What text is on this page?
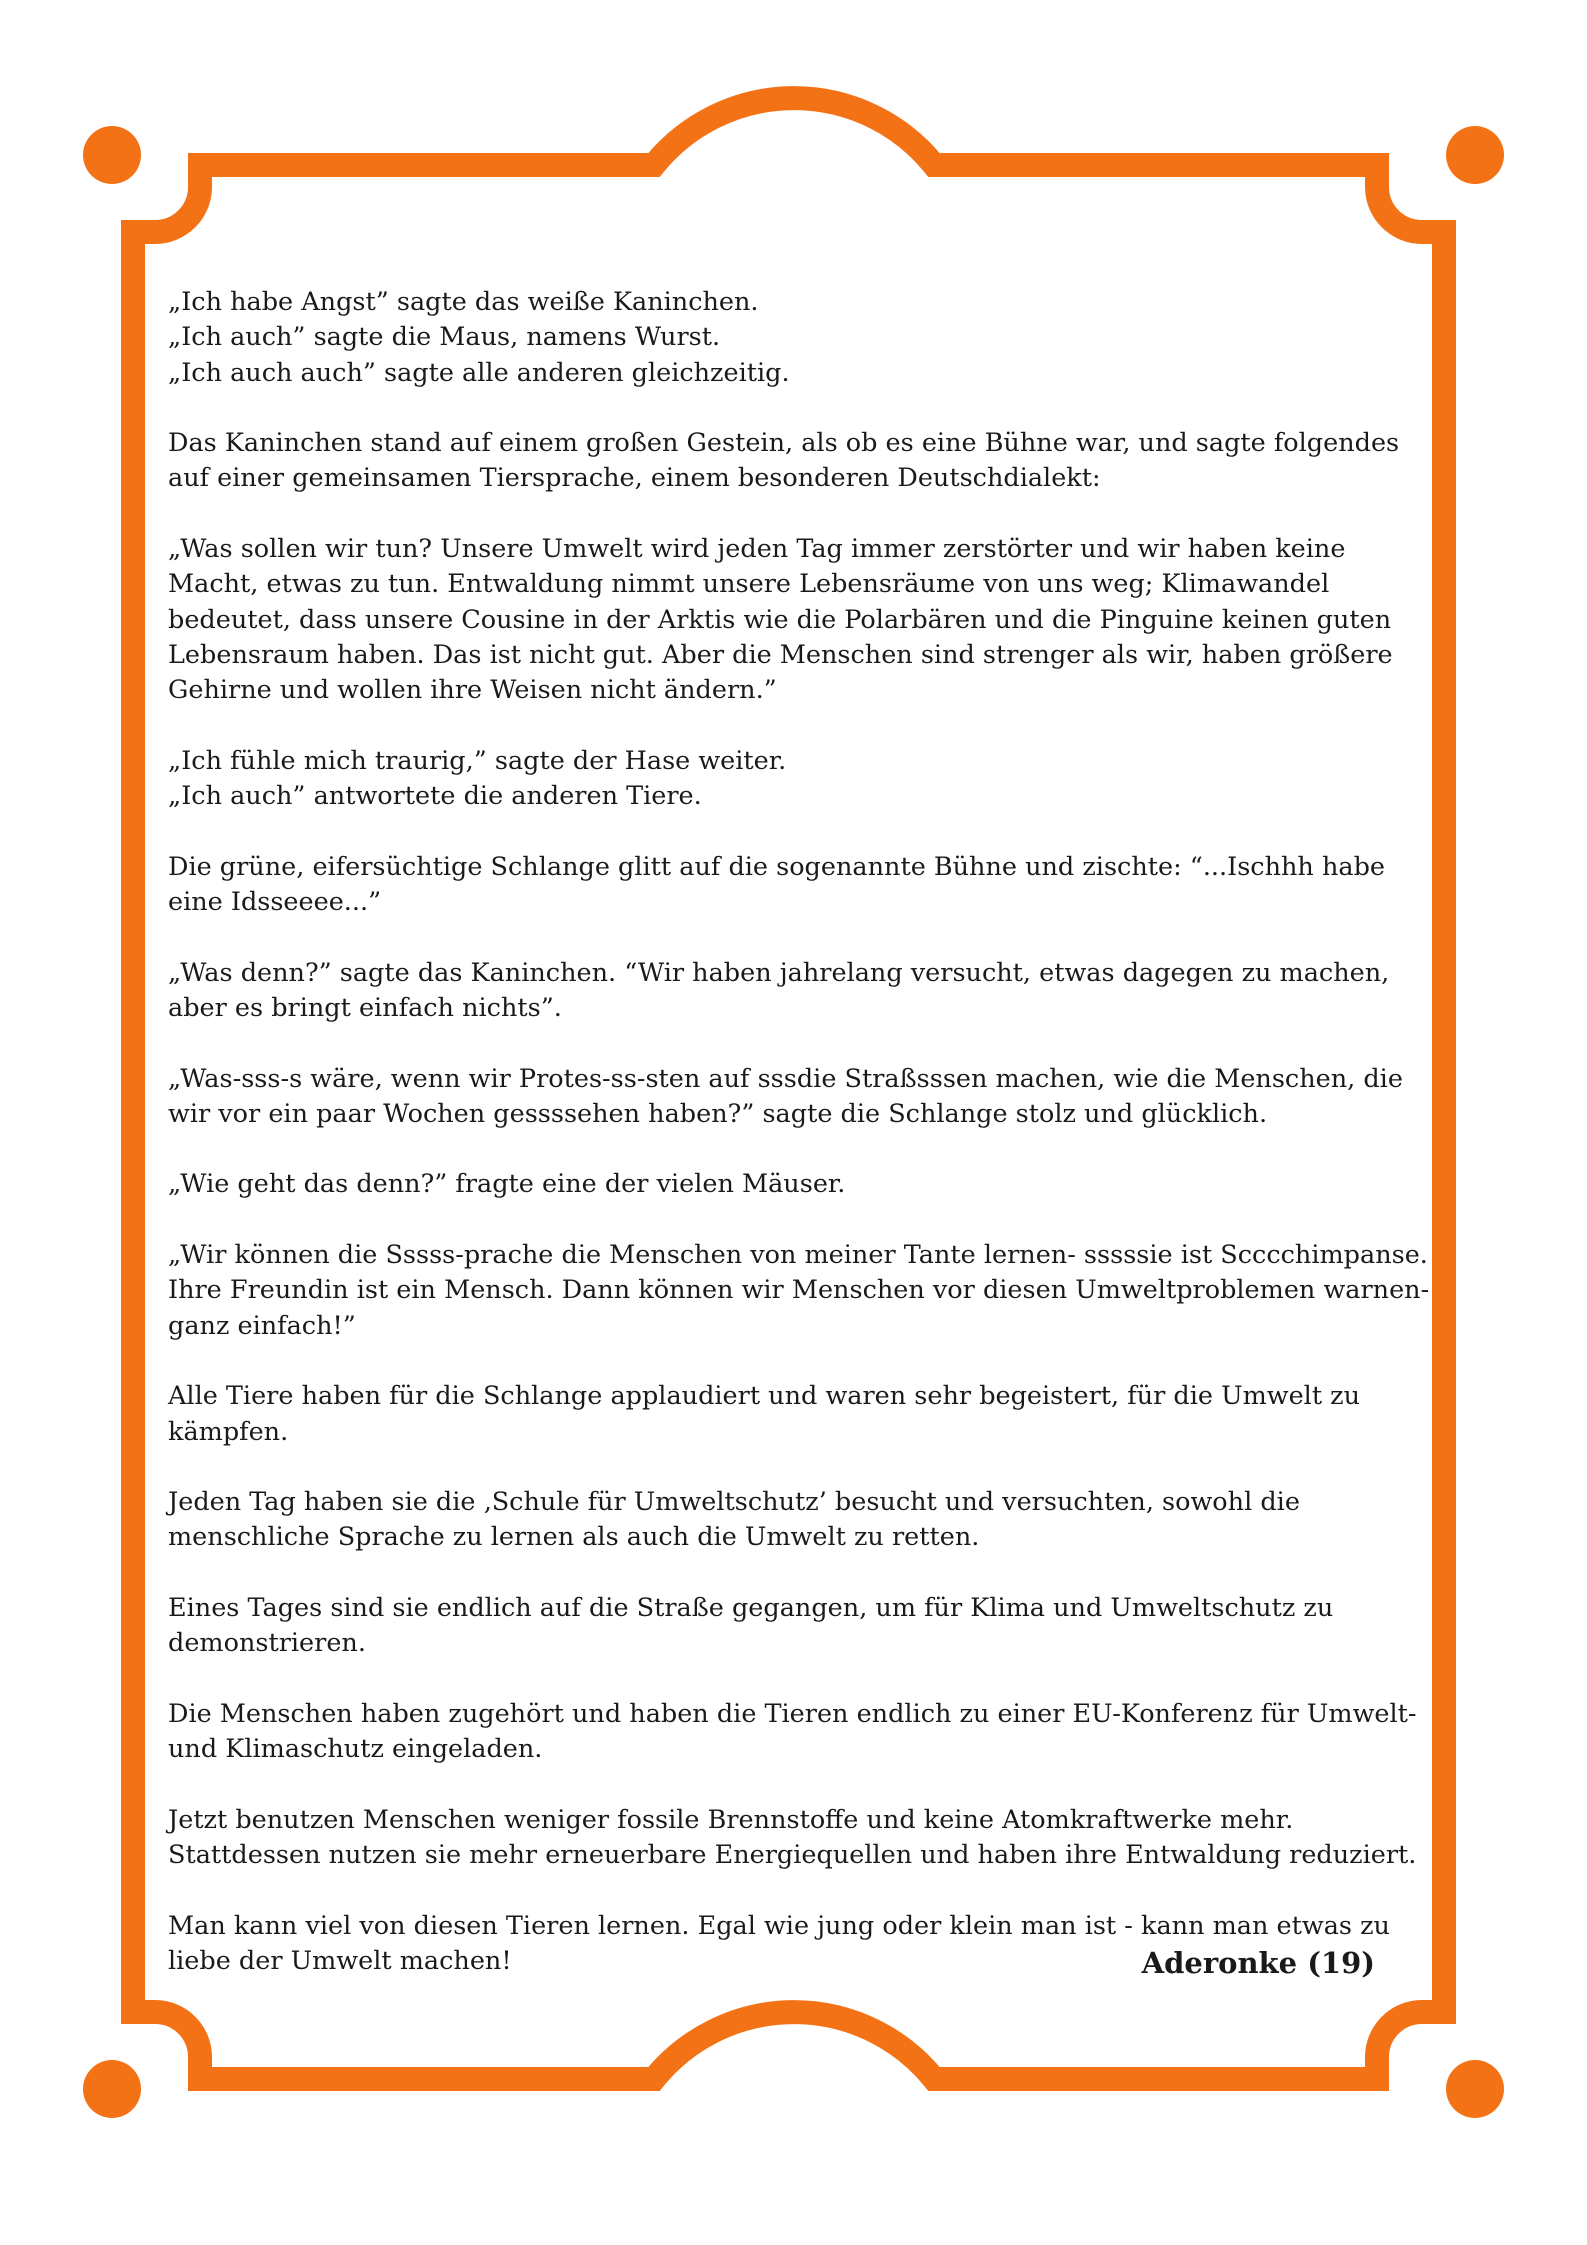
„Ich habe Angst” sagte das weiße Kaninchen.
„Ich auch” sagte die Maus, namens Wurst.
„Ich auch auch” sagte alle anderen gleichzeitig.

Das Kaninchen stand auf einem großen Gestein, als ob es eine Bühne war, und sagte folgendes auf einer gemeinsamen Tiersprache, einem besonderen Deutschdialekt:

„Was sollen wir tun? Unsere Umwelt wird jeden Tag immer zerstörter und wir haben keine Macht, etwas zu tun. Entwaldung nimmt unsere Lebensräume von uns weg; Klimawandel bedeutet, dass unsere Cousine in der Arktis wie die Polarbären und die Pinguine keinen guten Lebensraum haben. Das ist nicht gut. Aber die Menschen sind strenger als wir, haben größere Gehirne und wollen ihre Weisen nicht ändern.”

„Ich fühle mich traurig,” sagte der Hase weiter.
„Ich auch” antwortete die anderen Tiere.

Die grüne, eifersüchtige Schlange glitt auf die sogenannte Bühne und zischte: “...Ischhh habe eine Idsseeee...”

„Was denn?” sagte das Kaninchen. “Wir haben jahrelang versucht, etwas dagegen zu machen, aber es bringt einfach nichts”.

„Was-sss-s wäre, wenn wir Protes-ss-sten auf sssdie Straßsssen machen, wie die Menschen, die wir vor ein paar Wochen gessssehen haben?” sagte die Schlange stolz und glücklich.

„Wie geht das denn?” fragte eine der vielen Mäuser.

„Wir können die Sssss-prache die Menschen von meiner Tante lernen- sssssie ist Scccchimpanse. Ihre Freundin ist ein Mensch. Dann können wir Menschen vor diesen Umweltproblemen warnen- ganz einfach!”

Alle Tiere haben für die Schlange applaudiert und waren sehr begeistert, für die Umwelt zu kämpfen.

Jeden Tag haben sie die ‚Schule für Umweltschutz’ besucht und versuchten, sowohl die menschliche Sprache zu lernen als auch die Umwelt zu retten.

Eines Tages sind sie endlich auf die Straße gegangen, um für Klima und Umweltschutz zu demonstrieren.

Die Menschen haben zugehört und haben die Tieren endlich zu einer EU-Konferenz für Umwelt- und Klimaschutz eingeladen.

Jetzt benutzen Menschen weniger fossile Brennstoffe und keine Atomkraftwerke mehr. Stattdessen nutzen sie mehr erneuerbare Energiequellen und haben ihre Entwaldung reduziert.

Man kann viel von diesen Tieren lernen. Egal wie jung oder klein man ist - kann man etwas zu liebe der Umwelt machen!	Aderonke (19)
